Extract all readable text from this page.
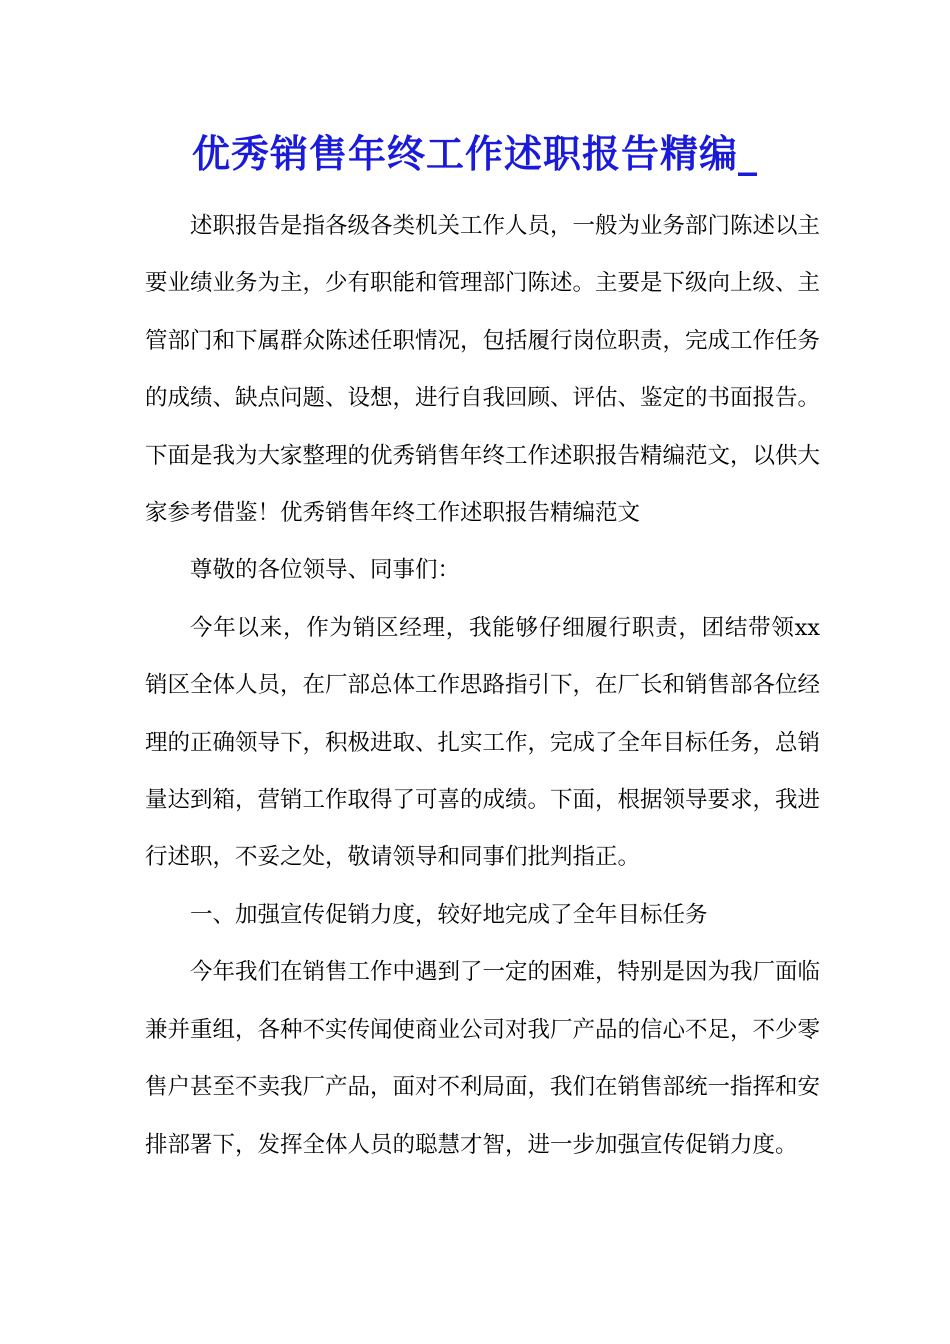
优秀销售年终工作述职报告精编_

述职报告是指各级各类机关工作人员，一般为业务部门陈述以主要业绩业务为主，少有职能和管理部门陈述。主要是下级向上级、主管部门和下属群众陈述任职情况，包括履行岗位职责，完成工作任务的成绩、缺点问题、设想，进行自我回顾、评估、鉴定的书面报告。下面是我为大家整理的优秀销售年终工作述职报告精编范文，以供大家参考借鉴！优秀销售年终工作述职报告精编范文

尊敬的各位领导、同事们：

今年以来，作为销区经理，我能够仔细履行职责，团结带领xx销区全体人员，在厂部总体工作思路指引下，在厂长和销售部各位经理的正确领导下，积极进取、扎实工作，完成了全年目标任务，总销量达到箱，营销工作取得了可喜的成绩。下面，根据领导要求，我进行述职，不妥之处，敬请领导和同事们批判指正。

一、加强宣传促销力度，较好地完成了全年目标任务

今年我们在销售工作中遇到了一定的困难，特别是因为我厂面临兼并重组，各种不实传闻使商业公司对我厂产品的信心不足，不少零售户甚至不卖我厂产品，面对不利局面，我们在销售部统一指挥和安排部署下，发挥全体人员的聪慧才智，进一步加强宣传促销力度。
